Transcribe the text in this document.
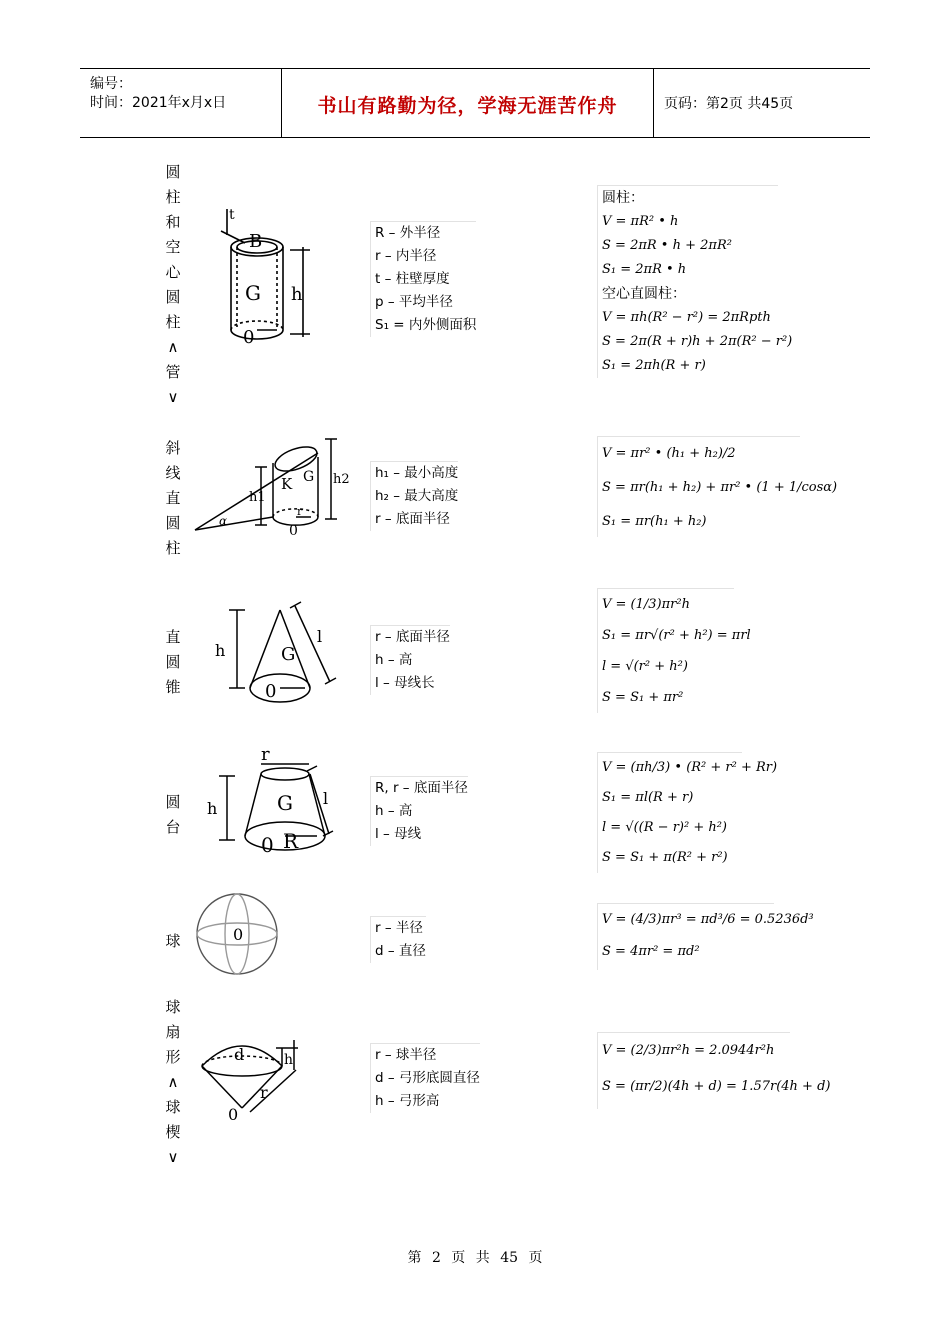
编号：
时间：2021年x月x日	书山有路勤为径，学海无涯苦作舟	页码：第2页 共45页
圆
柱
和
空
心
圆
柱
∧
管
∨
t
B
G h
0
R – 外半径
r – 内半径
t – 柱壁厚度
p – 平均半径
S₁ = 内外侧面积
圆柱：
V = πR² • h
S = 2πR • h + 2πR²
S₁ = 2πR • h
空心直圆柱：
V = πh(R² − r²) = 2πRpth
S = 2π(R + r)h + 2π(R² − r²)
S₁ = 2πh(R + r)
斜
线
直
圆
柱
α
h1
K	h2
G
r
0
h₁ – 最小高度
h₂ – 最大高度
r – 底面半径
V = πr² • (h₁ + h₂)/2
S = πr(h₁ + h₂) + πr² • (1 + 1/cosα)
S₁ = πr(h₁ + h₂)
直
圆
锥
h	G
0
l	r – 底面半径
h – 高
l – 母线长
V = (1/3)πr²h
S₁ = πr√(r² + h²) = πrl
l = √(r² + h²)
S = S₁ + πr²
圆
台
r
h	G
0 R
l
R, r – 底面半径
h – 高
l – 母线
V = (πh/3) • (R² + r² + Rr)
S₁ = πl(R + r)
l = √((R − r)² + h²)
S = S₁ + π(R² + r²)
球	0	r – 半径
d – 直径
V = (4/3)πr³ = πd³/6 = 0.5236d³
S = 4πr² = πd²
球
扇
形
∧
球
楔
∨
d	h
r
0
r – 球半径
d – 弓形底圆直径
h – 弓形高
V = (2/3)πr²h = 2.0944r²h
S = (πr/2)(4h + d) = 1.57r(4h + d)
第 2 页 共 45 页
